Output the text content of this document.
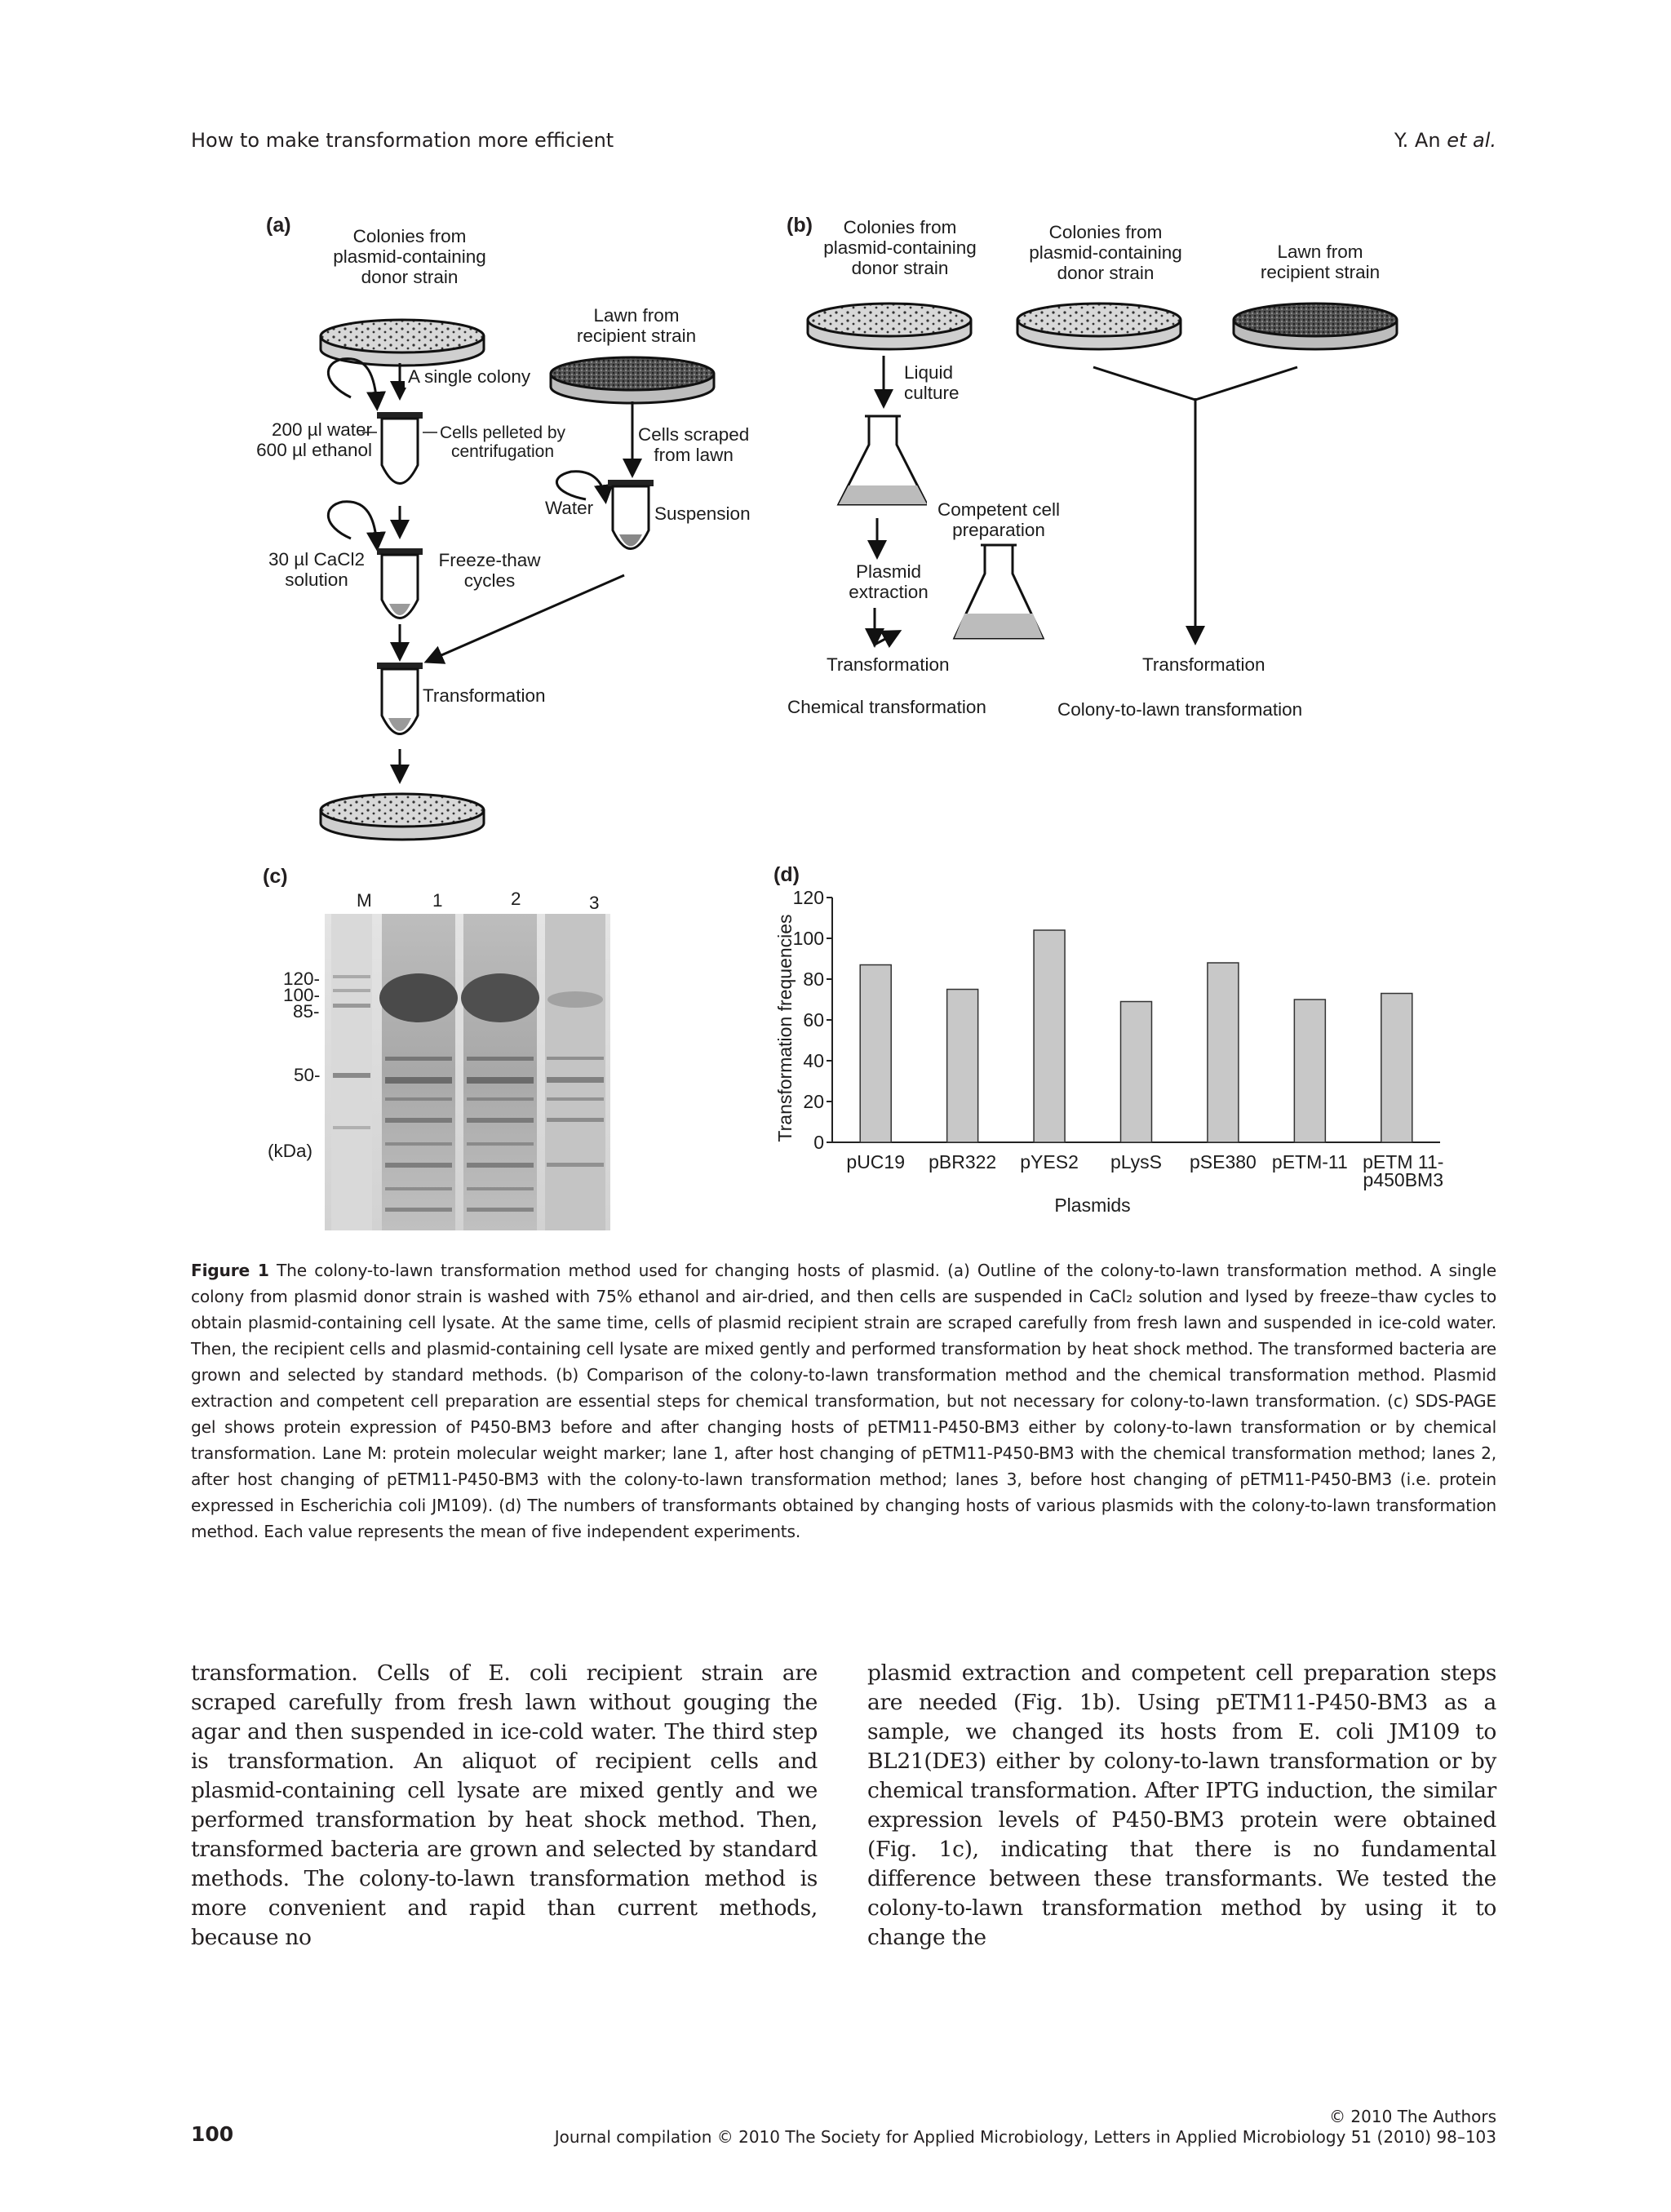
How to make transformation more efficient	Y. An et al.
(a)	Colonies from
plasmid-containing
donor strain
Lawn from
recipient strain
A single colony
200 µl water
600 µl ethanol
Cells pelleted by
centrifugation
Cells scraped
from lawn
Water	Suspension
30 µl CaCl2
solution
Freeze-thaw
cycles
Transformation
(b)	Colonies from
plasmid-containing
donor strain
Colonies from
plasmid-containing
donor strain
Lawn from
recipient strain
Liquid
culture
Competent cell
preparation
Plasmid
extraction
Transformation	Transformation
Chemical transformation	Colony-to-lawn transformation
(c)
M	1	2	3
120-
100-
85-
50-
(kDa)
(d)
Transformation frequencies
Plasmids
0
20
40
60
80
100
120
pUC19 pBR322 pYES2 pLysS pSE380 pETM-11 pETM 11-
p450BM3
Figure 1 The colony-to-lawn transformation method used for changing hosts of plasmid. (a) Outline of the colony-to-lawn transformation method. A single colony from plasmid donor strain is washed with 75% ethanol and air-dried, and then cells are suspended in CaCl₂ solution and lysed by freeze–thaw cycles to obtain plasmid-containing cell lysate. At the same time, cells of plasmid recipient strain are scraped carefully from fresh lawn and suspended in ice-cold water. Then, the recipient cells and plasmid-containing cell lysate are mixed gently and performed transformation by heat shock method. The transformed bacteria are grown and selected by standard methods. (b) Comparison of the colony-to-lawn transformation method and the chemical transformation method. Plasmid extraction and competent cell preparation are essential steps for chemical transformation, but not necessary for colony-to-lawn transformation. (c) SDS-PAGE gel shows protein expression of P450-BM3 before and after changing hosts of pETM11-P450-BM3 either by colony-to-lawn transformation or by chemical transformation. Lane M: protein molecular weight marker; lane 1, after host changing of pETM11-P450-BM3 with the chemical transformation method; lanes 2, after host changing of pETM11-P450-BM3 with the colony-to-lawn transformation method; lanes 3, before host changing of pETM11-P450-BM3 (i.e. protein expressed in Escherichia coli JM109). (d) The numbers of transformants obtained by changing hosts of various plasmids with the colony-to-lawn transformation method. Each value represents the mean of five independent experiments.
transformation. Cells of E. coli recipient strain are scraped carefully from fresh lawn without gouging the agar and then suspended in ice-cold water. The third step is transformation. An aliquot of recipient cells and plasmid-containing cell lysate are mixed gently and we performed transformation by heat shock method. Then, transformed bacteria are grown and selected by standard methods. The colony-to-lawn transformation method is more convenient and rapid than current methods, because no
plasmid extraction and competent cell preparation steps are needed (Fig. 1b). Using pETM11-P450-BM3 as a sample, we changed its hosts from E. coli JM109 to BL21(DE3) either by colony-to-lawn transformation or by chemical transformation. After IPTG induction, the similar expression levels of P450-BM3 protein were obtained (Fig. 1c), indicating that there is no fundamental difference between these transformants. We tested the colony-to-lawn transformation method by using it to change the
© 2010 The Authors
100	Journal compilation © 2010 The Society for Applied Microbiology, Letters in Applied Microbiology 51 (2010) 98–103
